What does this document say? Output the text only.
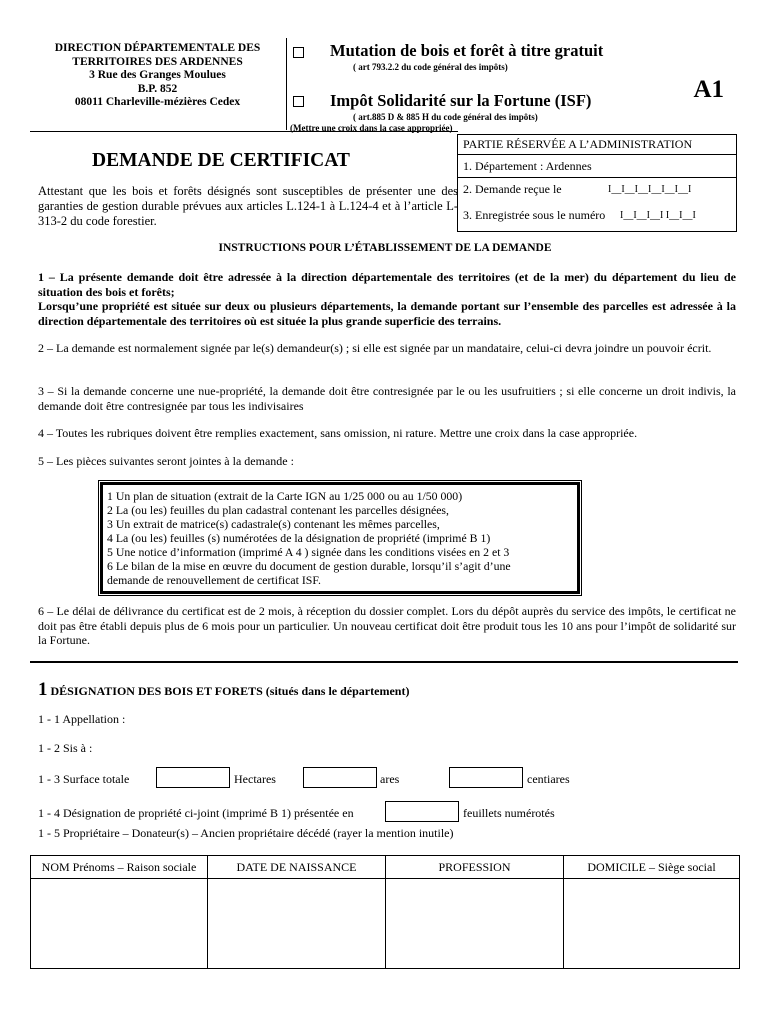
DIRECTION DÉPARTEMENTALE DES
TERRITOIRES DES ARDENNES
3 Rue des Granges Moulues
B.P. 852
08011 Charleville-mézières Cedex
Mutation de bois et forêt à titre gratuit
( art 793.2.2 du code général des impôts)
Impôt Solidarité sur la Fortune (ISF)
( art.885 D & 885 H du code général des impôts)
(Mettre une croix dans la case appropriée)
A1
PARTIE RÉSERVÉE A L’ADMINISTRATION
1. Département : Ardennes
2. Demande reçue le	I__I__I__I__I__I__I
3. Enregistrée sous le numéro I__I__I__I I__I__I
DEMANDE DE CERTIFICAT
Attestant que les bois et forêts désignés sont susceptibles de présenter une des garanties de gestion durable prévues aux articles L.124-1 à L.124-4 et à l’article L- 313-2 du code forestier.
INSTRUCTIONS POUR L’ÉTABLISSEMENT DE LA DEMANDE
1 – La présente demande doit être adressée à la direction départementale des territoires (et de la mer) du département du lieu de situation des bois et forêts;
Lorsqu’une propriété est située sur deux ou plusieurs départements, la demande portant sur l’ensemble des parcelles est adressée à la direction départementale des territoires où est située la plus grande superficie des terrains.
2 – La demande est normalement signée par le(s) demandeur(s) ; si elle est signée par un mandataire, celui-ci devra joindre un pouvoir écrit.
3 – Si la demande concerne une nue-propriété, la demande doit être contresignée par le ou les usufruitiers ; si elle concerne un droit indivis, la demande doit être contresignée par tous les indivisaires
4 – Toutes les rubriques doivent être remplies exactement, sans omission, ni rature. Mettre une croix dans la case appropriée.
5 – Les pièces suivantes seront jointes à la demande :
1 Un plan de situation (extrait de la Carte IGN au 1/25 000 ou au 1/50 000)
2 La (ou les) feuilles du plan cadastral contenant les parcelles désignées,
3 Un extrait de matrice(s) cadastrale(s) contenant les mêmes parcelles,
4 La (ou les) feuilles (s) numérotées de la désignation de propriété (imprimé B 1)
5 Une notice d’information (imprimé A 4 ) signée dans les conditions visées en 2 et 3
6 Le bilan de la mise en œuvre du document de gestion durable, lorsqu’il s’agit d’une
demande de renouvellement de certificat ISF.
6 – Le délai de délivrance du certificat est de 2 mois, à réception du dossier complet. Lors du dépôt auprès du service des impôts, le certificat ne doit pas être établi depuis plus de 6 mois pour un particulier. Un nouveau certificat doit être produit tous les 10 ans pour l’impôt de solidarité sur la Fortune.
1 DÉSIGNATION DES BOIS ET FORETS (situés dans le département)
1 - 1 Appellation :
1 - 2 Sis à :
1 - 3 Surface totale	Hectares	ares	centiares
1 - 4 Désignation de propriété ci-joint (imprimé B 1) présentée en	feuillets numérotés
1 - 5 Propriétaire – Donateur(s) – Ancien propriétaire décédé (rayer la mention inutile)
NOM Prénoms – Raison sociale	DATE DE NAISSANCE	PROFESSION	DOMICILE – Siège social
